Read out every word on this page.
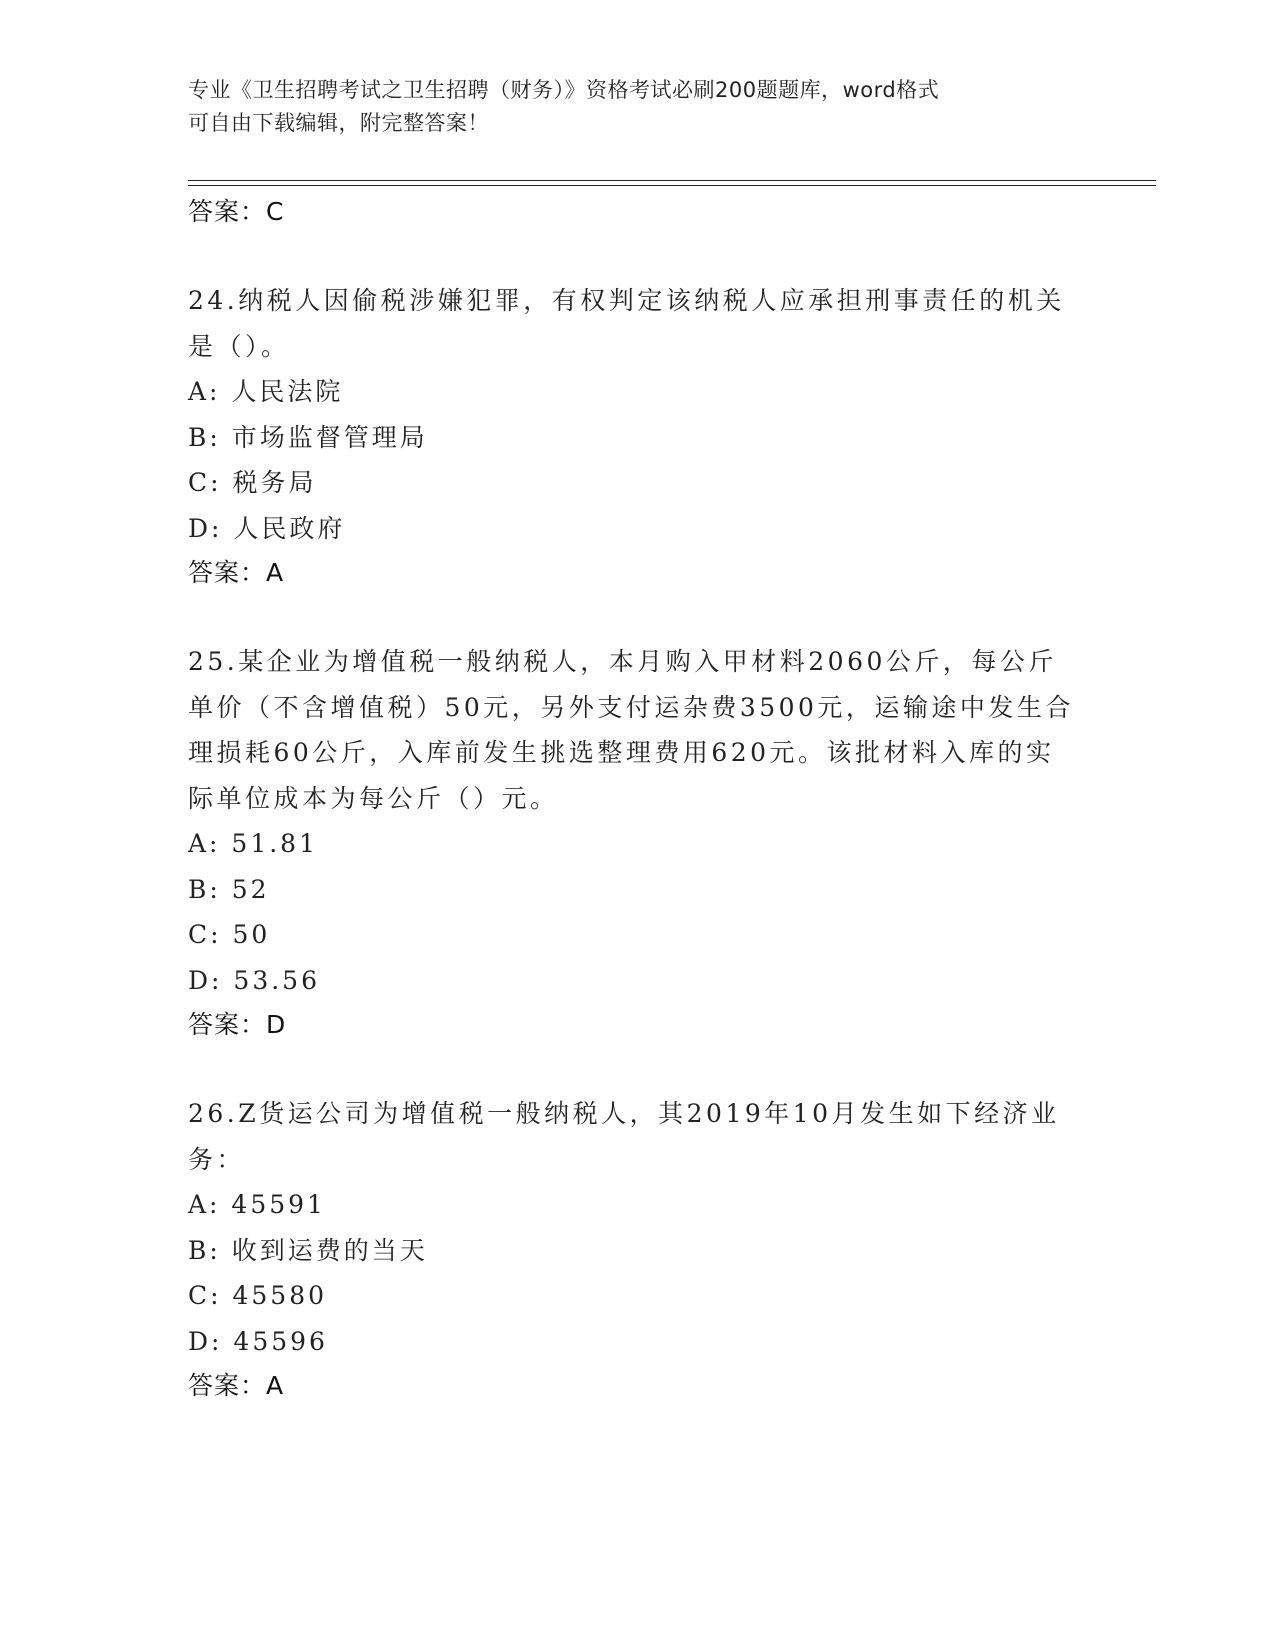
专业《卫生招聘考试之卫生招聘（财务）》资格考试必刷200题题库，word格式
可自由下载编辑，附完整答案！
答案：C
24.纳税人因偷税涉嫌犯罪，有权判定该纳税人应承担刑事责任的机关
是（）。
A: 人民法院
B: 市场监督管理局
C: 税务局
D: 人民政府
答案：A
25.某企业为增值税一般纳税人，本月购入甲材料2060公斤，每公斤
单价（不含增值税）50元，另外支付运杂费3500元，运输途中发生合
理损耗60公斤，入库前发生挑选整理费用620元。该批材料入库的实
际单位成本为每公斤（）元。
A: 51.81
B: 52
C: 50
D: 53.56
答案：D
26.Z货运公司为增值税一般纳税人，其2019年10月发生如下经济业
务：
A: 45591
B: 收到运费的当天
C: 45580
D: 45596
答案：A
